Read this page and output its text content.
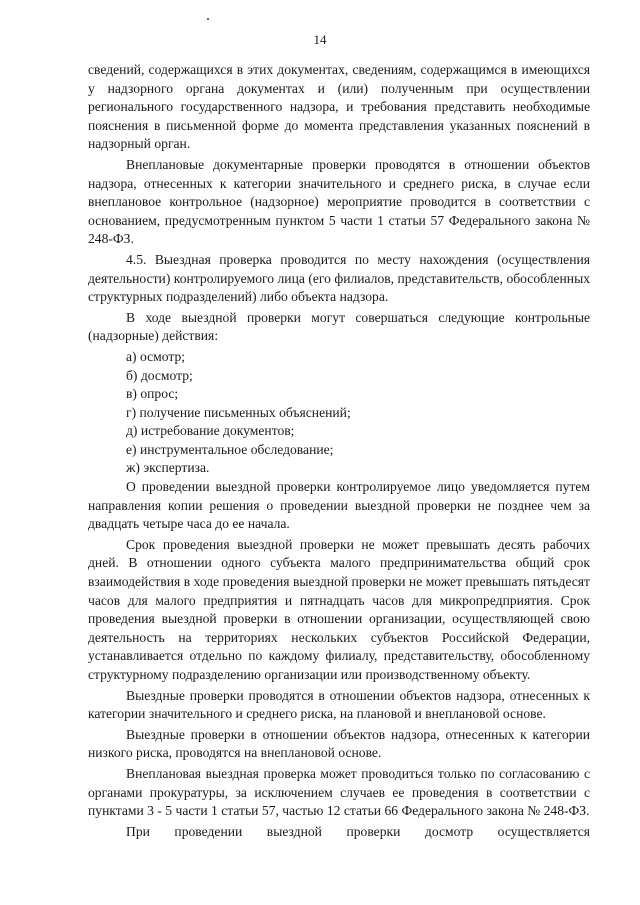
14

сведений, содержащихся в этих документах, сведениям, содержащимся в имеющихся у надзорного органа документах и (или) полученным при осуществлении регионального государственного надзора, и требования представить необходимые пояснения в письменной форме до момента представления указанных пояснений в надзорный орган.

Внеплановые документарные проверки проводятся в отношении объектов надзора, отнесенных к категории значительного и среднего риска, в случае если внеплановое контрольное (надзорное) мероприятие проводится в соответствии с основанием, предусмотренным пунктом 5 части 1 статьи 57 Федерального закона № 248-ФЗ.

4.5. Выездная проверка проводится по месту нахождения (осуществления деятельности) контролируемого лица (его филиалов, представительств, обособленных структурных подразделений) либо объекта надзора.

В ходе выездной проверки могут совершаться следующие контрольные (надзорные) действия:

а) осмотр;

б) досмотр;

в) опрос;

г) получение письменных объяснений;

д) истребование документов;

е) инструментальное обследование;

ж) экспертиза.

О проведении выездной проверки контролируемое лицо уведомляется путем направления копии решения о проведении выездной проверки не позднее чем за двадцать четыре часа до ее начала.

Срок проведения выездной проверки не может превышать десять рабочих дней. В отношении одного субъекта малого предпринимательства общий срок взаимодействия в ходе проведения выездной проверки не может превышать пятьдесят часов для малого предприятия и пятнадцать часов для микропредприятия. Срок проведения выездной проверки в отношении организации, осуществляющей свою деятельность на территориях нескольких субъектов Российской Федерации, устанавливается отдельно по каждому филиалу, представительству, обособленному структурному подразделению организации или производственному объекту.

Выездные проверки проводятся в отношении объектов надзора, отнесенных к категории значительного и среднего риска, на плановой и внеплановой основе.

Выездные проверки в отношении объектов надзора, отнесенных к категории низкого риска, проводятся на внеплановой основе.

Внеплановая выездная проверка может проводиться только по согласованию с органами прокуратуры, за исключением случаев ее проведения в соответствии с пунктами 3 - 5 части 1 статьи 57, частью 12 статьи 66 Федерального закона № 248-ФЗ.

При проведении выездной проверки досмотр осуществляется
